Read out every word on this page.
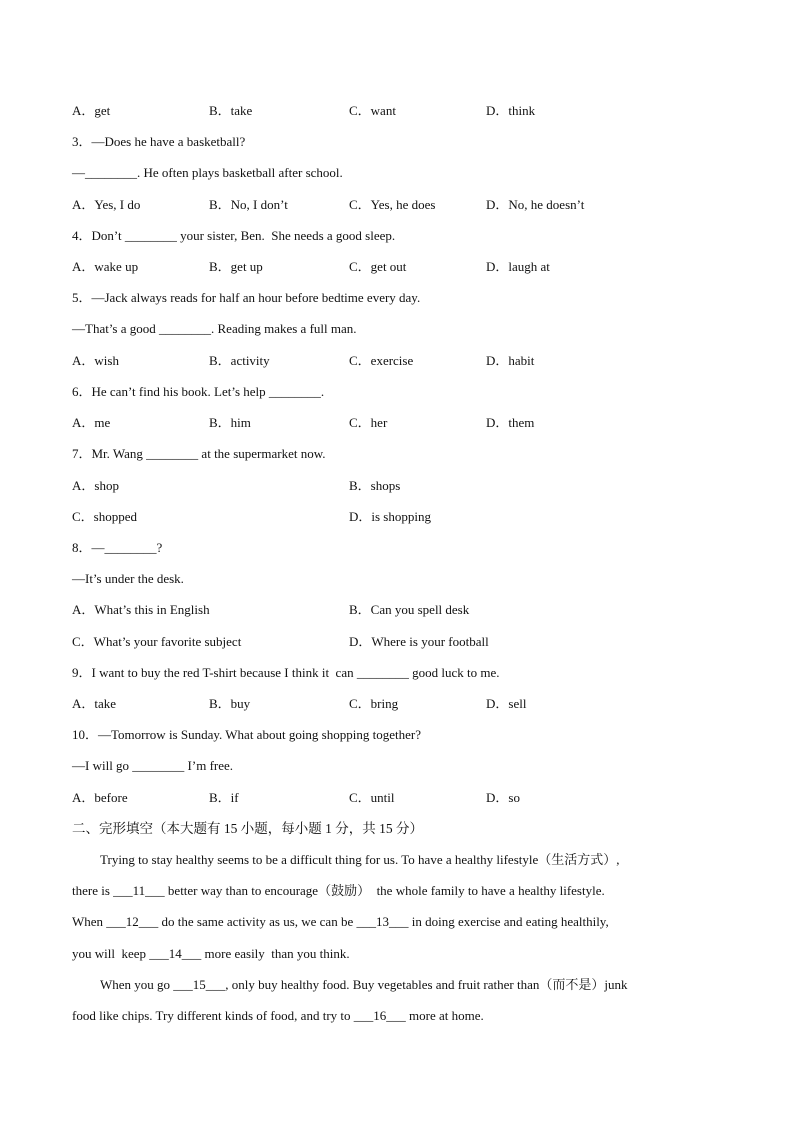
A．get	B．take	C．want	D．think
3．—Does he have a basketball?
—________. He often plays basketball after school.
A．Yes, I do	B．No, I don’t	C．Yes, he does	D．No, he doesn’t
4．Don’t ________ your sister, Ben.  She needs a good sleep.
A．wake up	B．get up	C．get out	D．laugh at
5．—Jack always reads for half an hour before bedtime every day.
—That’s a good ________. Reading makes a full man.
A．wish	B．activity	C．exercise	D．habit
6．He can’t find his book. Let’s help ________.
A．me	B．him	C．her	D．them
7．Mr. Wang ________ at the supermarket now.
A．shop	B．shops
C．shopped	D．is shopping
8．—________?
—It’s under the desk.
A．What’s this in English	B．Can you spell desk
C．What’s your favorite subject	D．Where is your football
9．I want to buy the red T-shirt because I think it  can ________ good luck to me.
A．take	B．buy	C．bring	D．sell
10．—Tomorrow is Sunday. What about going shopping together?
—I will go ________ I’m free.
A．before	B．if	C．until	D．so
二、完形填空（本大题有 15 小题，每小题 1 分，共 15 分）
Trying to stay healthy seems to be a difficult thing for us. To have a healthy lifestyle（生活方式）,
there is ___11___ better way than to encourage（鼓励）  the whole family to have a healthy lifestyle.
When ___12___ do the same activity as us, we can be ___13___ in doing exercise and eating healthily,
you will  keep ___14___ more easily  than you think.
When you go ___15___, only buy healthy food. Buy vegetables and fruit rather than（而不是）junk
food like chips. Try different kinds of food, and try to ___16___ more at home.
